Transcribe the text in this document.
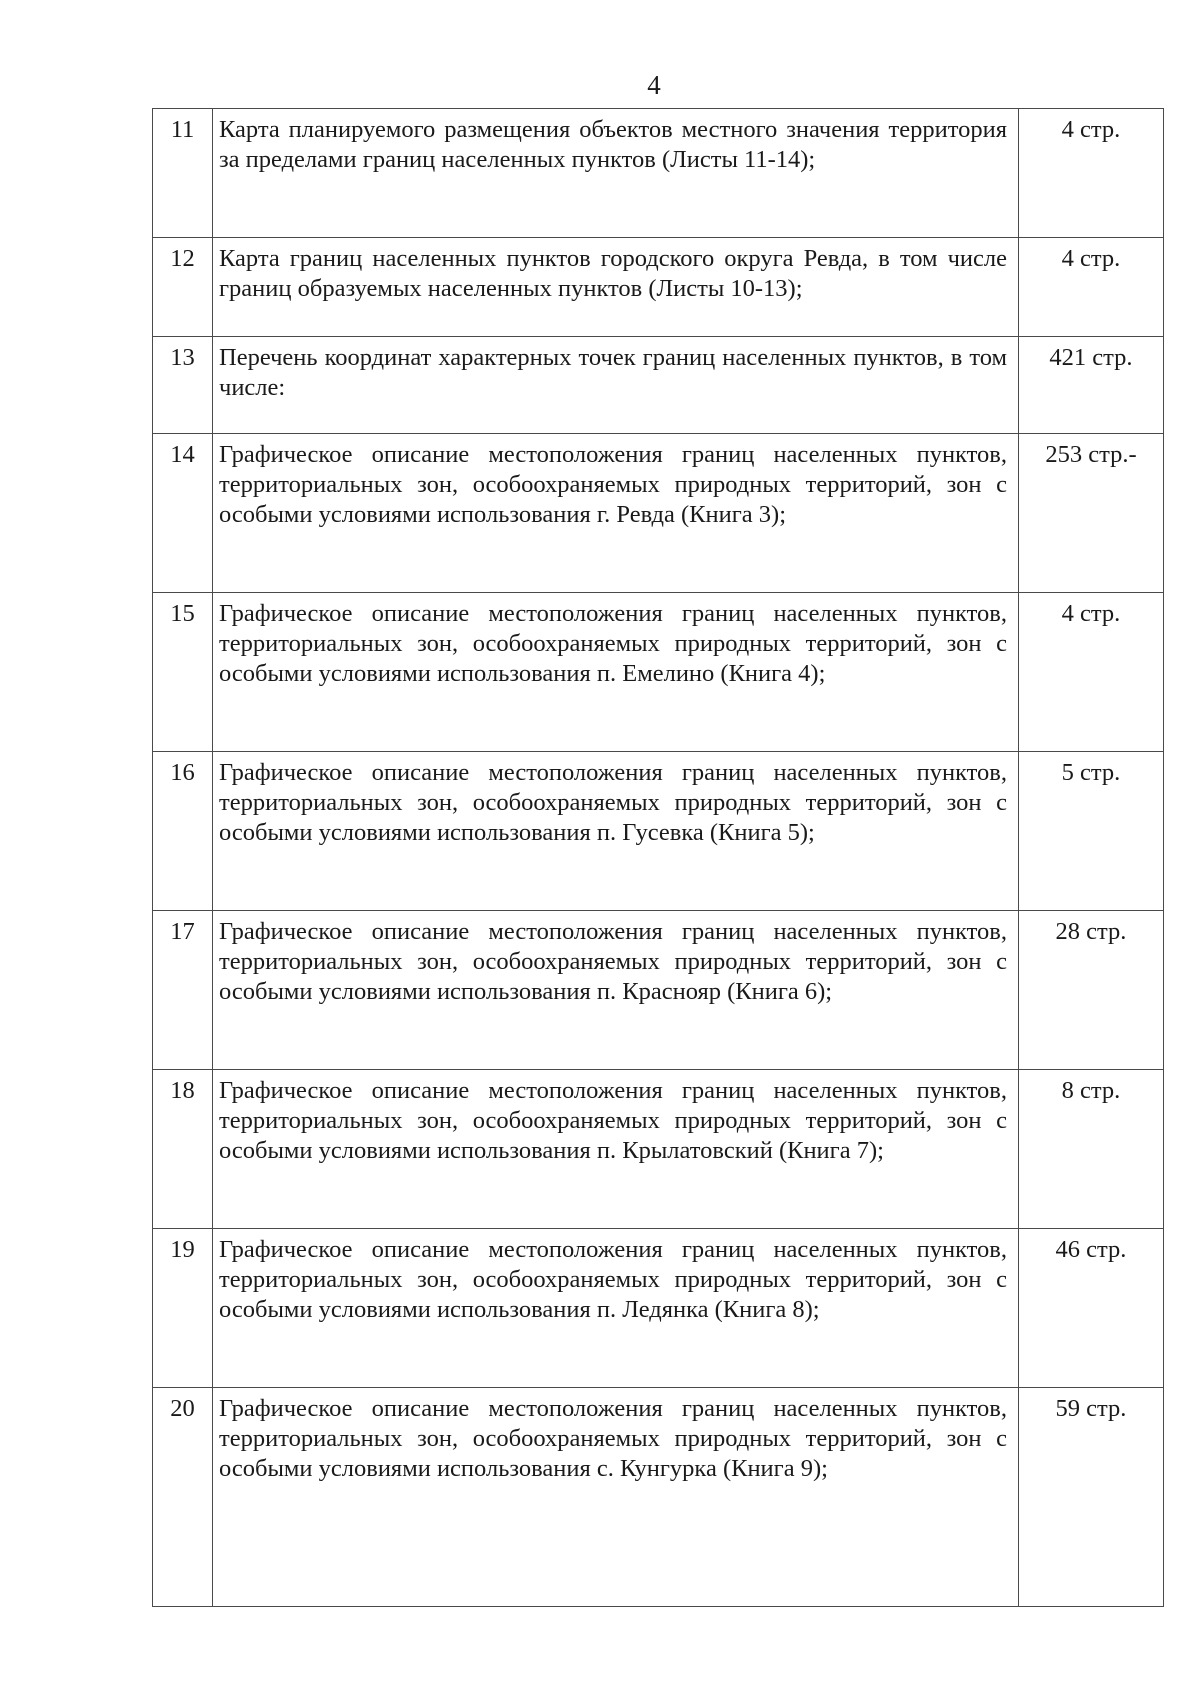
4
11	Карта планируемого размещения объектов местного значения территория за пределами границ населенных пунктов (Листы 11-14);	4 стр.
12	Карта границ населенных пунктов городского округа Ревда, в том числе границ образуемых населенных пунктов (Листы 10-13);	4 стр.
13	Перечень координат характерных точек границ населенных пунктов, в том числе:	421 стр.
14	Графическое описание местоположения границ населенных пунктов, территориальных зон, особоохраняемых природных территорий, зон с особыми условиями использования г. Ревда (Книга 3);	253 стр.-
15	Графическое описание местоположения границ населенных пунктов, территориальных зон, особоохраняемых природных территорий, зон с особыми условиями использования п. Емелино (Книга 4);	4 стр.
16	Графическое описание местоположения границ населенных пунктов, территориальных зон, особоохраняемых природных территорий, зон с особыми условиями использования п. Гусевка (Книга 5);	5 стр.
17	Графическое описание местоположения границ населенных пунктов, территориальных зон, особоохраняемых природных территорий, зон с особыми условиями использования п. Краснояр (Книга 6);	28 стр.
18	Графическое описание местоположения границ населенных пунктов, территориальных зон, особоохраняемых природных территорий, зон с особыми условиями использования п. Крылатовский (Книга 7);	8 стр.
19	Графическое описание местоположения границ населенных пунктов, территориальных зон, особоохраняемых природных территорий, зон с особыми условиями использования п. Ледянка (Книга 8);	46 стр.
20	Графическое описание местоположения границ населенных пунктов, территориальных зон, особоохраняемых природных территорий, зон с особыми условиями использования с. Кунгурка (Книга 9);	59 стр.
